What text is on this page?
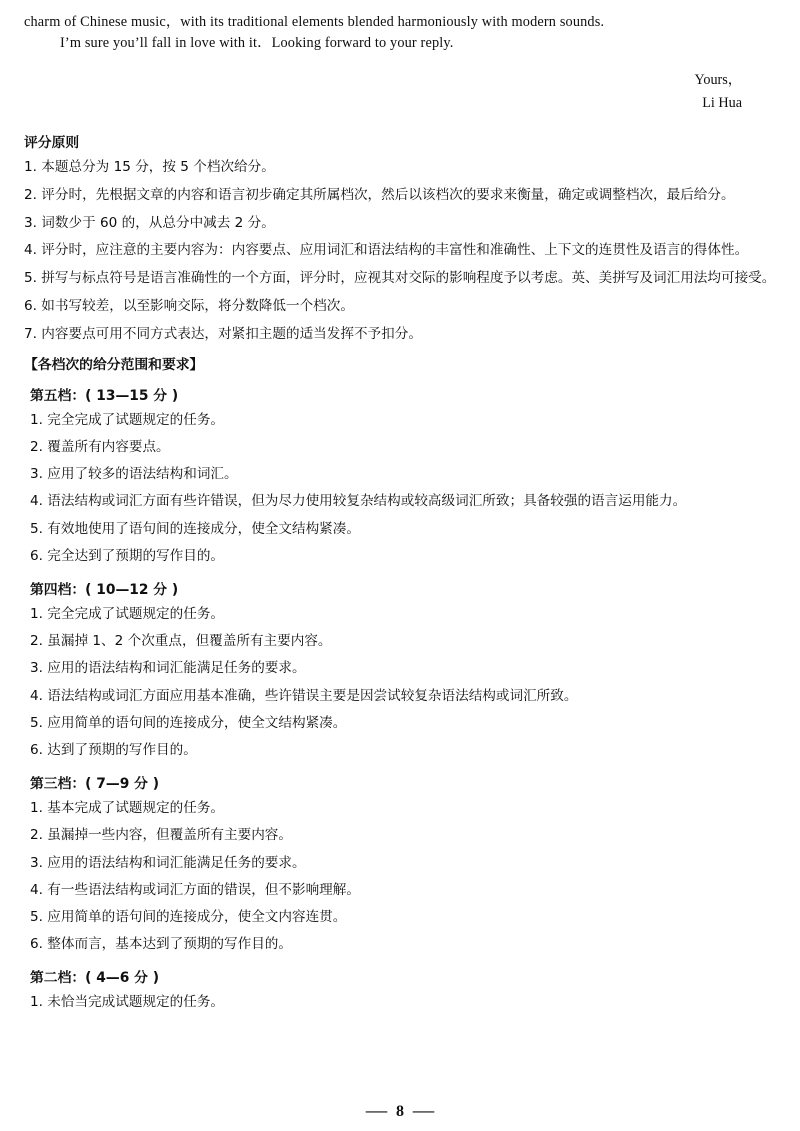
charm of Chinese music，with its traditional elements blended harmoniously with modern sounds.
I’m sure you’ll fall in love with it．Looking forward to your reply.
Yours，
Li Hua
评分原则
1. 本题总分为 15 分，按 5 个档次给分。
2. 评分时，先根据文章的内容和语言初步确定其所属档次，然后以该档次的要求来衡量，确定或调整档次，最后给分。
3. 词数少于 60 的，从总分中减去 2 分。
4. 评分时，应注意的主要内容为：内容要点、应用词汇和语法结构的丰富性和准确性、上下文的连贯性及语言的得体性。
5. 拼写与标点符号是语言准确性的一个方面，评分时，应视其对交际的影响程度予以考虑。英、美拼写及词汇用法均可接受。
6. 如书写较差，以至影响交际，将分数降低一个档次。
7. 内容要点可用不同方式表达，对紧扣主题的适当发挥不予扣分。
【各档次的给分范围和要求】
第五档：( 13—15 分 )
1. 完全完成了试题规定的任务。
2. 覆盖所有内容要点。
3. 应用了较多的语法结构和词汇。
4. 语法结构或词汇方面有些许错误，但为尽力使用较复杂结构或较高级词汇所致；具备较强的语言运用能力。
5. 有效地使用了语句间的连接成分，使全文结构紧凑。
6. 完全达到了预期的写作目的。
第四档：( 10—12 分 )
1. 完全完成了试题规定的任务。
2. 虽漏掉 1、2 个次重点，但覆盖所有主要内容。
3. 应用的语法结构和词汇能满足任务的要求。
4. 语法结构或词汇方面应用基本准确，些许错误主要是因尝试较复杂语法结构或词汇所致。
5. 应用简单的语句间的连接成分，使全文结构紧凑。
6. 达到了预期的写作目的。
第三档：( 7—9 分 )
1. 基本完成了试题规定的任务。
2. 虽漏掉一些内容，但覆盖所有主要内容。
3. 应用的语法结构和词汇能满足任务的要求。
4. 有一些语法结构或词汇方面的错误，但不影响理解。
5. 应用简单的语句间的连接成分，使全文内容连贯。
6. 整体而言，基本达到了预期的写作目的。
第二档：( 4—6 分 )
1. 未恰当完成试题规定的任务。
— 8 —
